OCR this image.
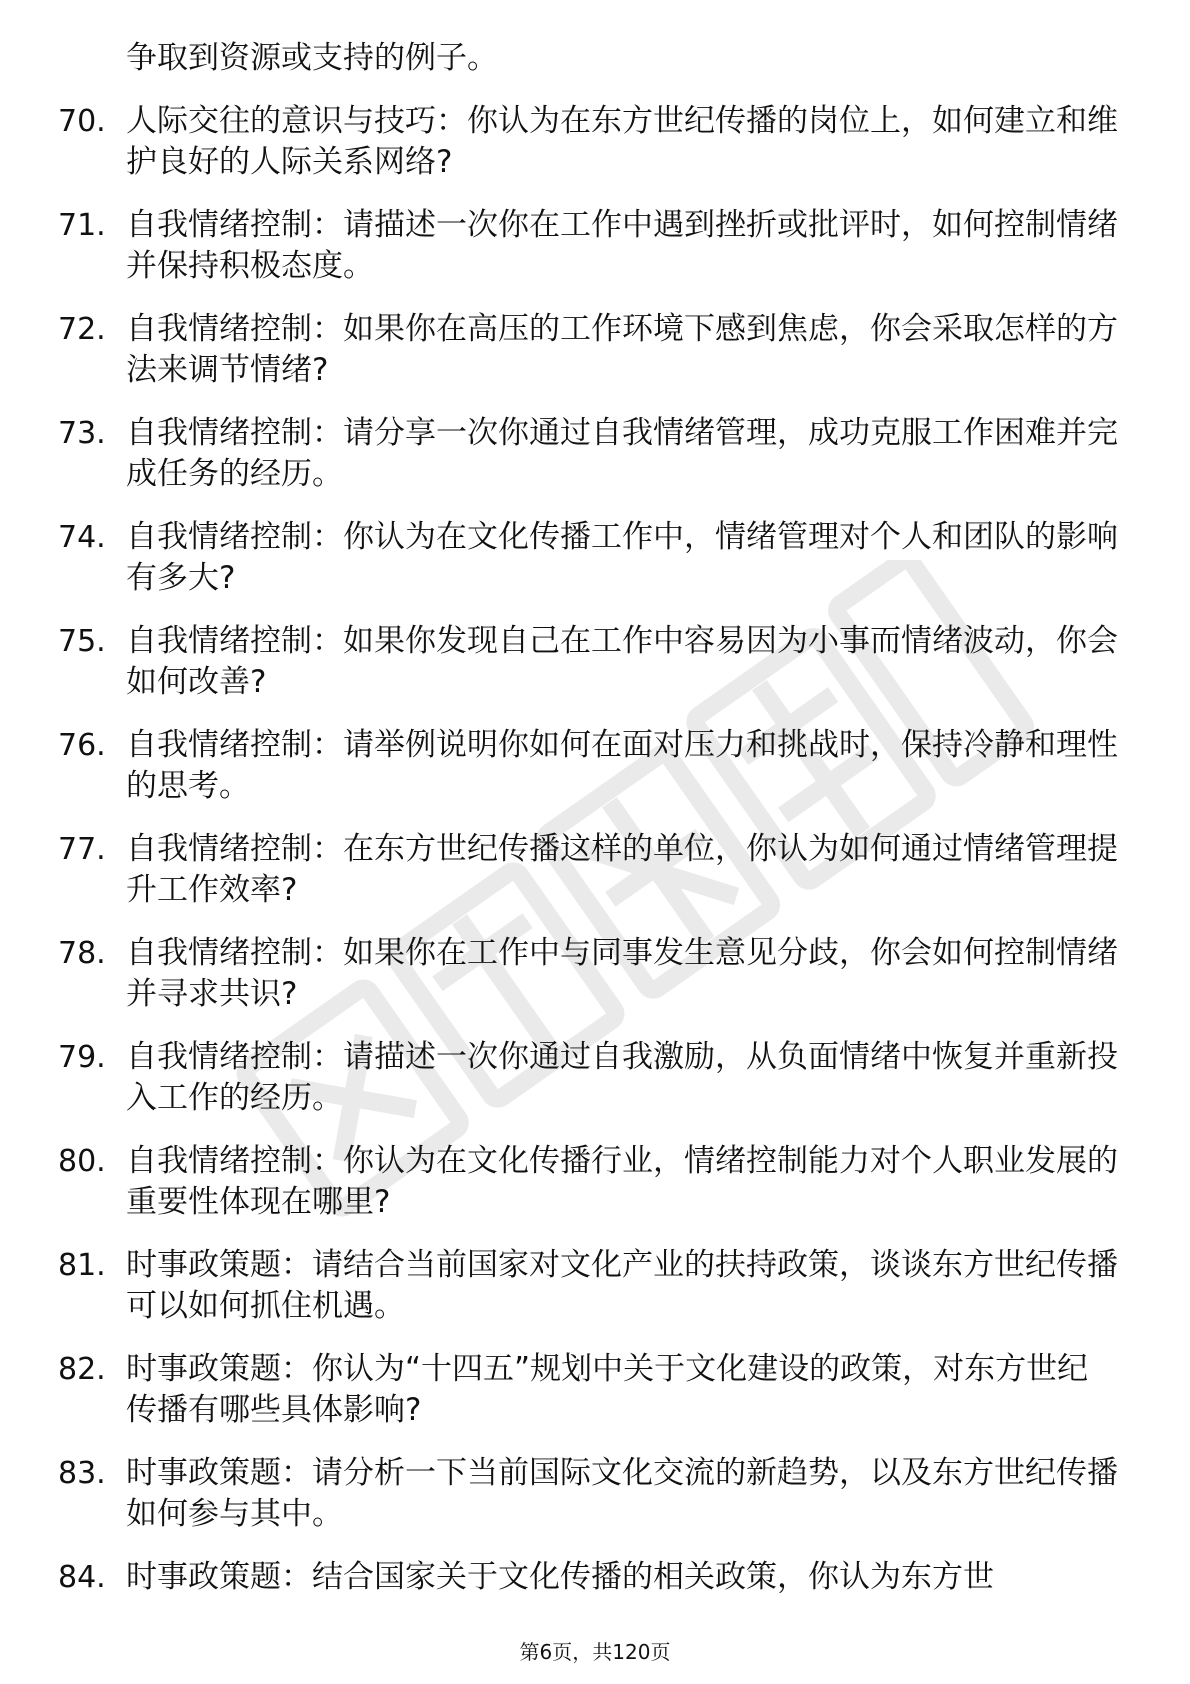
争取到资源或支持的例子。
70. 人际交往的意识与技巧：你认为在东方世纪传播的岗位上，如何建立和维护良好的人际关系网络?
71. 自我情绪控制：请描述一次你在工作中遇到挫折或批评时，如何控制情绪并保持积极态度。
72. 自我情绪控制：如果你在高压的工作环境下感到焦虑，你会采取怎样的方法来调节情绪?
73. 自我情绪控制：请分享一次你通过自我情绪管理，成功克服工作困难并完成任务的经历。
74. 自我情绪控制：你认为在文化传播工作中，情绪管理对个人和团队的影响有多大?
75. 自我情绪控制：如果你发现自己在工作中容易因为小事而情绪波动，你会如何改善?
76. 自我情绪控制：请举例说明你如何在面对压力和挑战时，保持冷静和理性的思考。
77. 自我情绪控制：在东方世纪传播这样的单位，你认为如何通过情绪管理提升工作效率?
78. 自我情绪控制：如果你在工作中与同事发生意见分歧，你会如何控制情绪并寻求共识?
79. 自我情绪控制：请描述一次你通过自我激励，从负面情绪中恢复并重新投入工作的经历。
80. 自我情绪控制：你认为在文化传播行业，情绪控制能力对个人职业发展的重要性体现在哪里?
81. 时事政策题：请结合当前国家对文化产业的扶持政策，谈谈东方世纪传播可以如何抓住机遇。
82. 时事政策题：你认为“十四五”规划中关于文化建设的政策，对东方世纪传播有哪些具体影响?
83. 时事政策题：请分析一下当前国际文化交流的新趋势，以及东方世纪传播如何参与其中。
84. 时事政策题：结合国家关于文化传播的相关政策，你认为东方世
第6页，共120页
